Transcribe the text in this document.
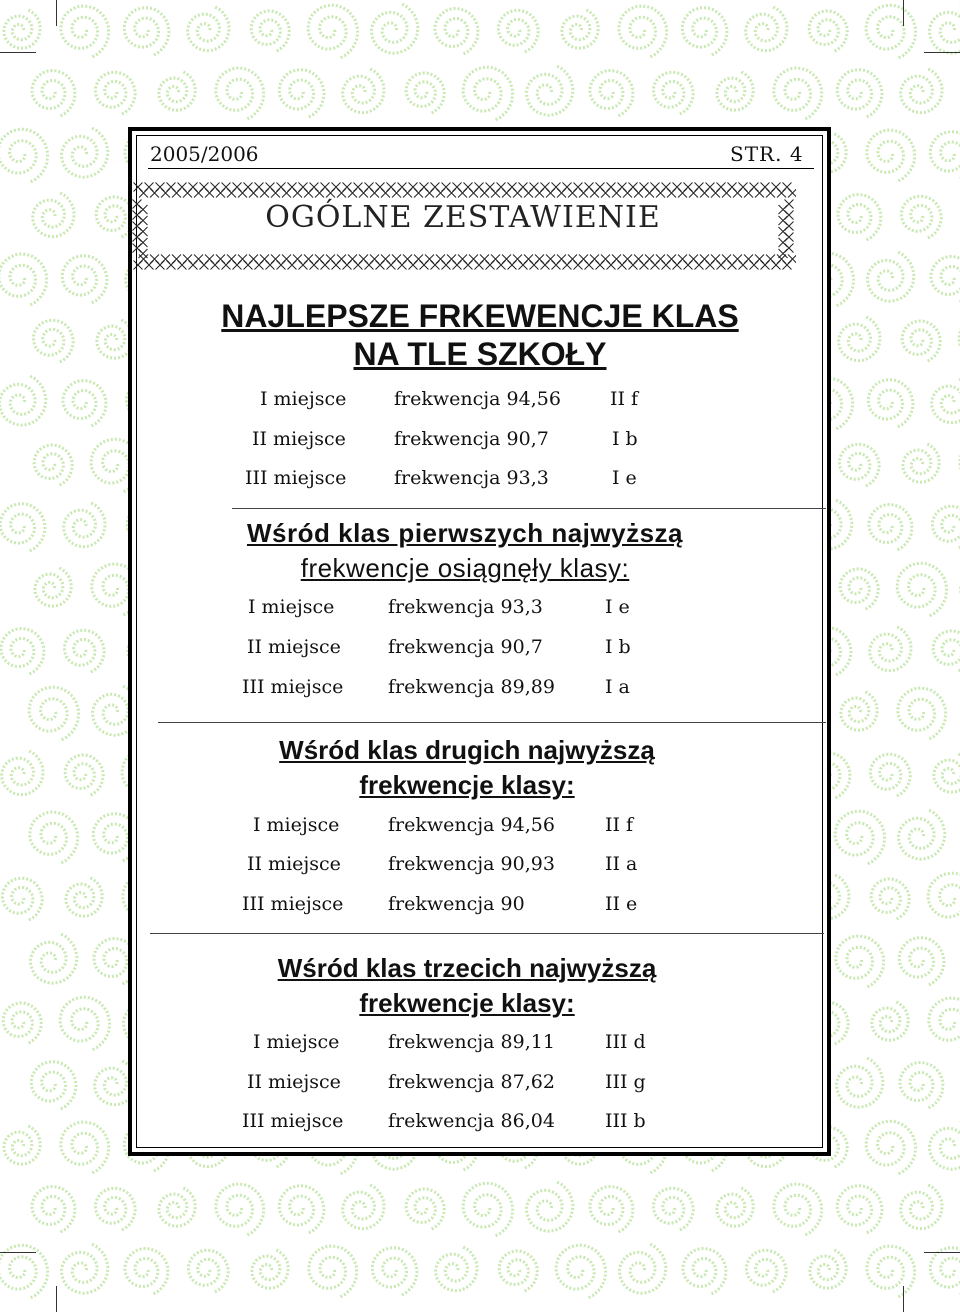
2005/2006	STR. 4
OGÓLNE ZESTAWIENIE
NAJLEPSZE FRKEWENCJE KLAS
NA TLE SZKOŁY
I miejsce	frekwencja 94,56	II f
II miejsce	frekwencja 90,7	I b
III miejsce	frekwencja 93,3	I e
Wśród klas pierwszych najwyższą
frekwencje osiągnęły klasy:
I miejsce	frekwencja 93,3	I e
II miejsce frekwencja 90,7	I b
III miejsce frekwencja 89,89	I a
Wśród klas drugich najwyższą
frekwencje klasy:
I miejsce	frekwencja 94,56	II f
II miejsce frekwencja 90,93	II a
III miejsce frekwencja 90	II e
Wśród klas trzecich najwyższą
frekwencje klasy:
I miejsce	frekwencja 89,11	III d
II miejsce frekwencja 87,62	III g
III miejsce frekwencja 86,04	III b
